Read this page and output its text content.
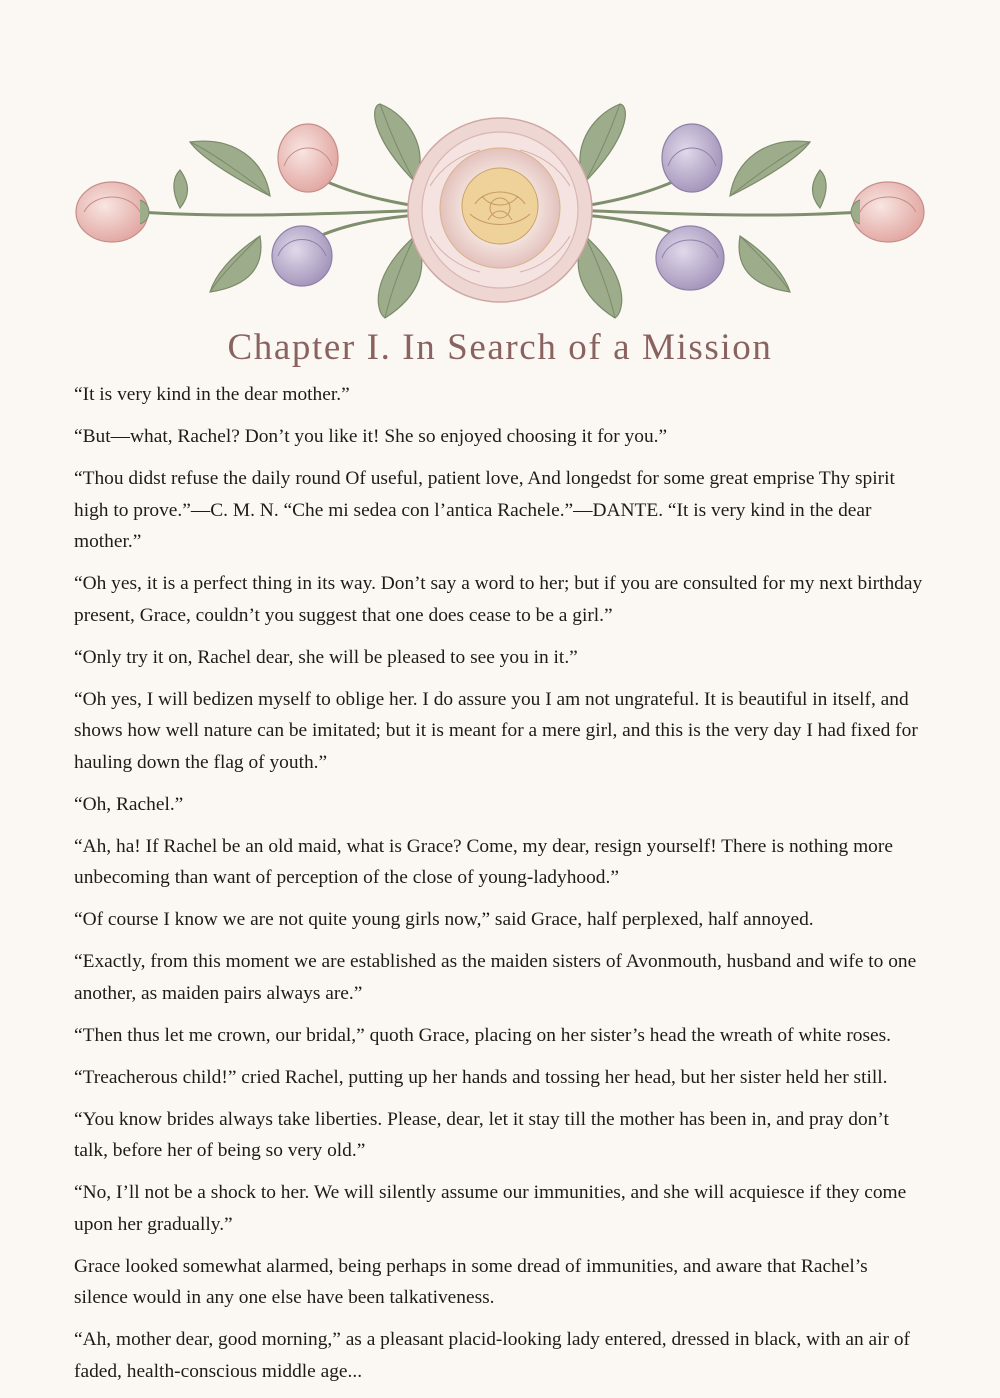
Chapter I. In Search of a Mission

“It is very kind in the dear mother.”

“But—what, Rachel? Don’t you like it! She so enjoyed choosing it for you.”

“Thou didst refuse the daily round Of useful, patient love, And longedst for some great emprise Thy spirit high to prove.”—C. M. N. “Che mi sedea con l’antica Rachele.”—DANTE. “It is very kind in the dear mother.”

“Oh yes, it is a perfect thing in its way. Don’t say a word to her; but if you are consulted for my next birthday present, Grace, couldn’t you suggest that one does cease to be a girl.”

“Only try it on, Rachel dear, she will be pleased to see you in it.”

“Oh yes, I will bedizen myself to oblige her. I do assure you I am not ungrateful. It is beautiful in itself, and shows how well nature can be imitated; but it is meant for a mere girl, and this is the very day I had fixed for hauling down the flag of youth.”

“Oh, Rachel.”

“Ah, ha! If Rachel be an old maid, what is Grace? Come, my dear, resign yourself! There is nothing more unbecoming than want of perception of the close of young-ladyhood.”

“Of course I know we are not quite young girls now,” said Grace, half perplexed, half annoyed.

“Exactly, from this moment we are established as the maiden sisters of Avonmouth, husband and wife to one another, as maiden pairs always are.”

“Then thus let me crown, our bridal,” quoth Grace, placing on her sister’s head the wreath of white roses.

“Treacherous child!” cried Rachel, putting up her hands and tossing her head, but her sister held her still.

“You know brides always take liberties. Please, dear, let it stay till the mother has been in, and pray don’t talk, before her of being so very old.”

“No, I’ll not be a shock to her. We will silently assume our immunities, and she will acquiesce if they come upon her gradually.”

Grace looked somewhat alarmed, being perhaps in some dread of immunities, and aware that Rachel’s silence would in any one else have been talkativeness.

“Ah, mother dear, good morning,” as a pleasant placid-looking lady entered, dressed in black, with an air of faded, health-conscious middle age...
